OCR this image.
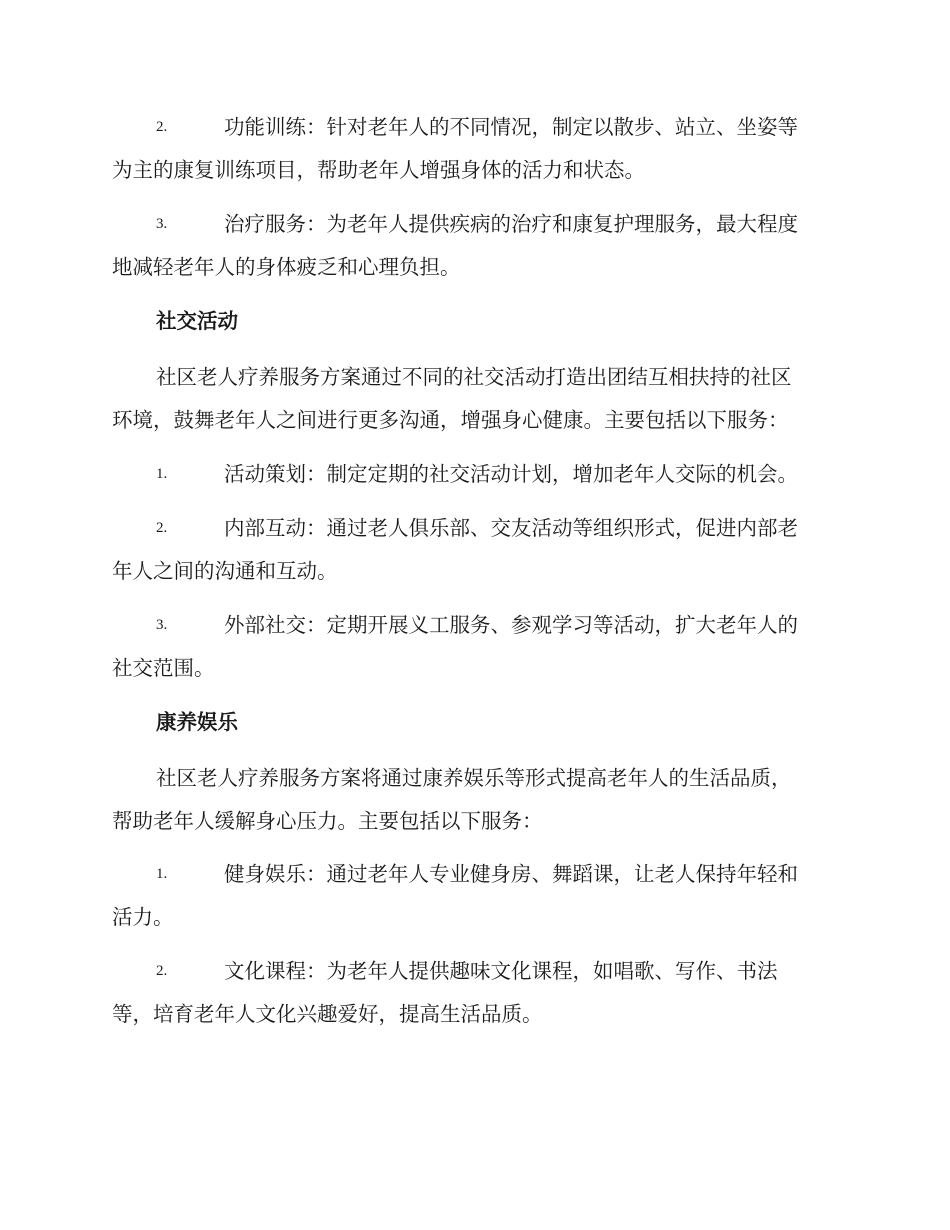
2.	功能训练：针对老年人的不同情况，制定以散步、站立、坐姿等
为主的康复训练项目，帮助老年人增强身体的活力和状态。
3.	治疗服务：为老年人提供疾病的治疗和康复护理服务，最大程度
地减轻老年人的身体疲乏和心理负担。
社交活动
社区老人疗养服务方案通过不同的社交活动打造出团结互相扶持的社区
环境，鼓舞老年人之间进行更多沟通，增强身心健康。主要包括以下服务：
1.	活动策划：制定定期的社交活动计划，增加老年人交际的机会。
2.	内部互动：通过老人俱乐部、交友活动等组织形式，促进内部老
年人之间的沟通和互动。
3.	外部社交：定期开展义工服务、参观学习等活动，扩大老年人的
社交范围。
康养娱乐
社区老人疗养服务方案将通过康养娱乐等形式提高老年人的生活品质，
帮助老年人缓解身心压力。主要包括以下服务：
1.	健身娱乐：通过老年人专业健身房、舞蹈课，让老人保持年轻和
活力。
2.	文化课程：为老年人提供趣味文化课程，如唱歌、写作、书法
等，培育老年人文化兴趣爱好，提高生活品质。
